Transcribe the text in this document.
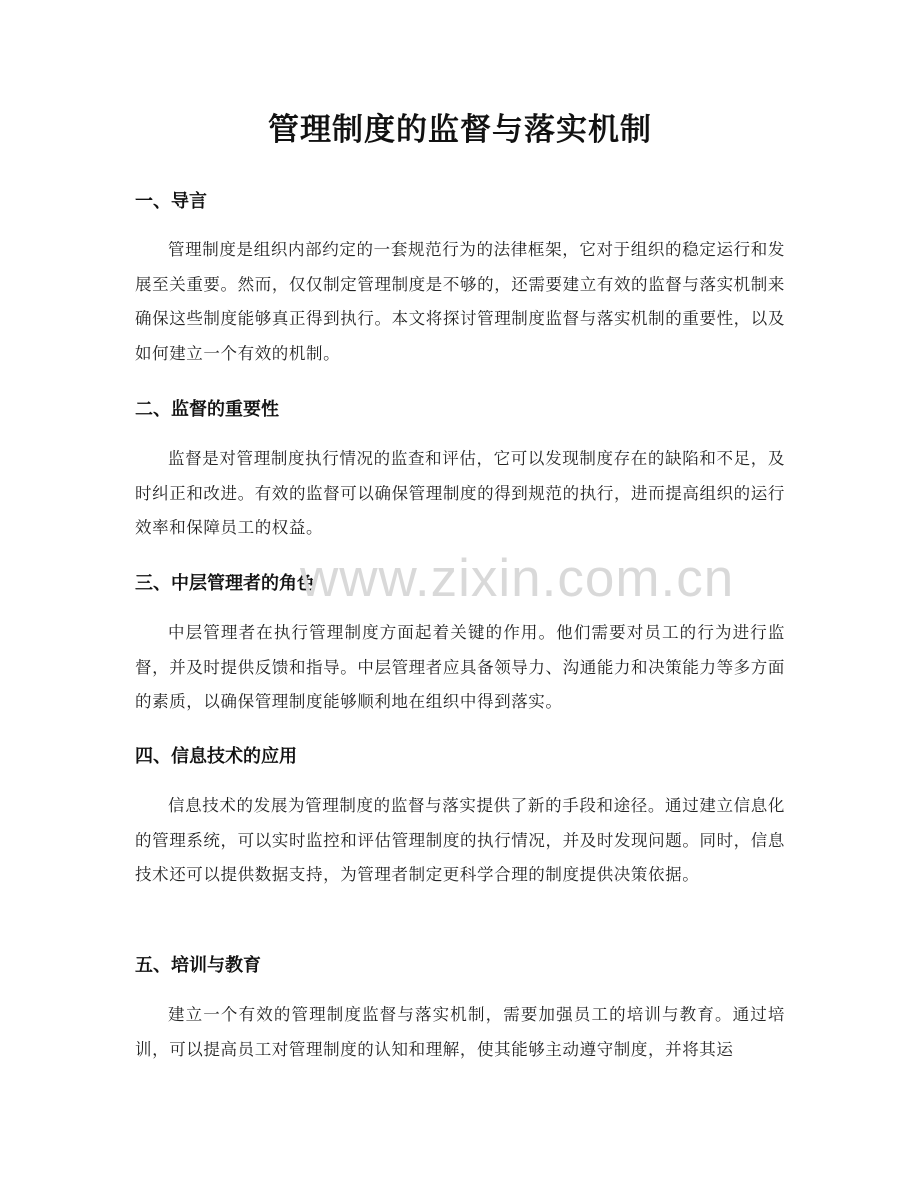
管理制度的监督与落实机制
一、导言

管理制度是组织内部约定的一套规范行为的法律框架，它对于组织的稳定运行和发展至关重要。然而，仅仅制定管理制度是不够的，还需要建立有效的监督与落实机制来确保这些制度能够真正得到执行。本文将探讨管理制度监督与落实机制的重要性，以及如何建立一个有效的机制。

二、监督的重要性

监督是对管理制度执行情况的监查和评估，它可以发现制度存在的缺陷和不足，及时纠正和改进。有效的监督可以确保管理制度的得到规范的执行，进而提高组织的运行效率和保障员工的权益。

三、中层管理者的角色

中层管理者在执行管理制度方面起着关键的作用。他们需要对员工的行为进行监督，并及时提供反馈和指导。中层管理者应具备领导力、沟通能力和决策能力等多方面的素质，以确保管理制度能够顺利地在组织中得到落实。

四、信息技术的应用

信息技术的发展为管理制度的监督与落实提供了新的手段和途径。通过建立信息化的管理系统，可以实时监控和评估管理制度的执行情况，并及时发现问题。同时，信息技术还可以提供数据支持，为管理者制定更科学合理的制度提供决策依据。

五、培训与教育

建立一个有效的管理制度监督与落实机制，需要加强员工的培训与教育。通过培训，可以提高员工对管理制度的认知和理解，使其能够主动遵守制度，并将其运

www.zixin.com.cn
